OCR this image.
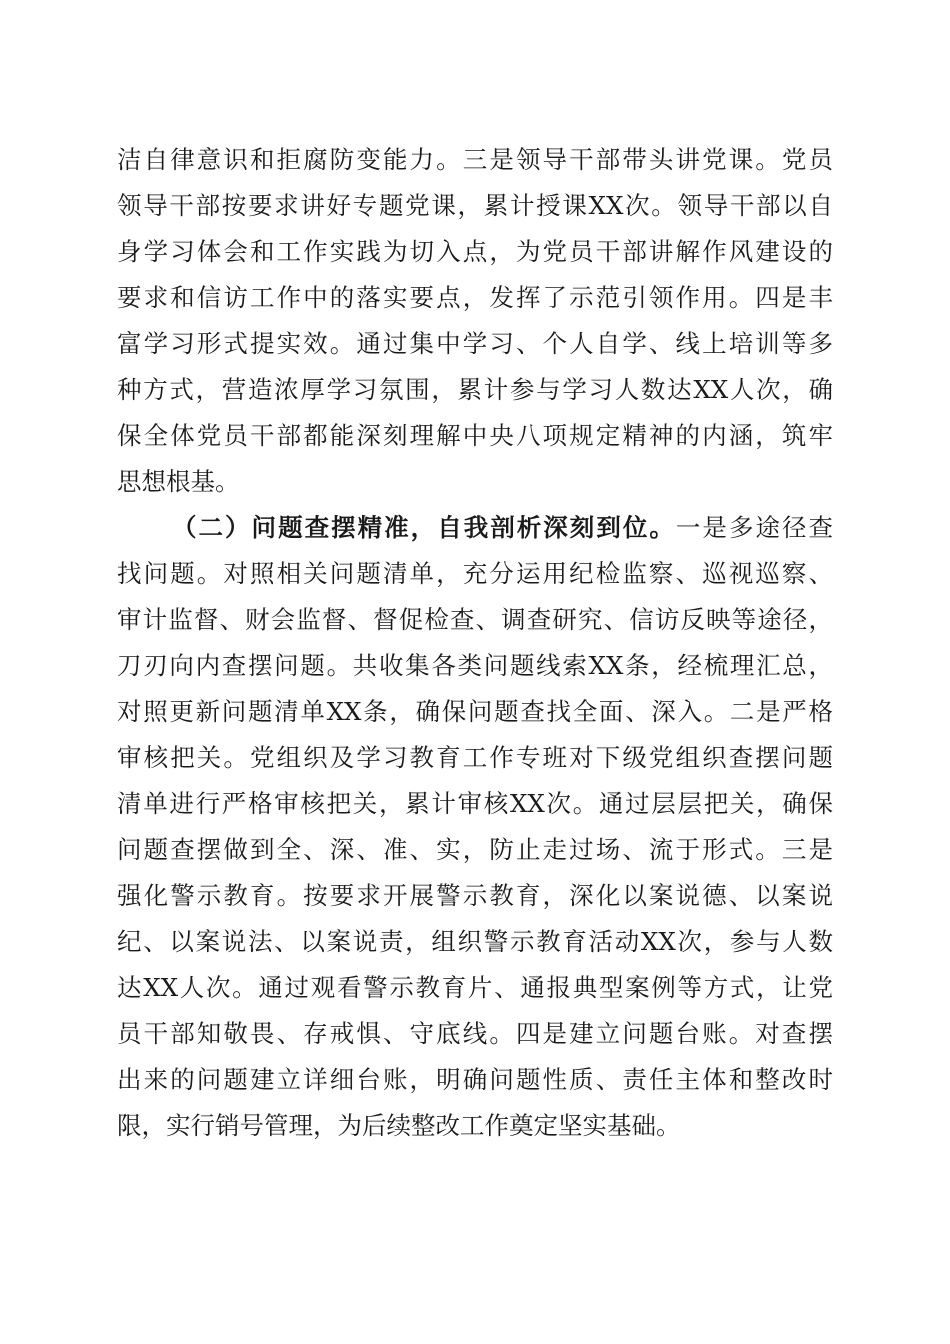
洁自律意识和拒腐防变能力。三是领导干部带头讲党课。党员
领导干部按要求讲好专题党课，累计授课XX次。领导干部以自
身学习体会和工作实践为切入点，为党员干部讲解作风建设的
要求和信访工作中的落实要点，发挥了示范引领作用。四是丰
富学习形式提实效。通过集中学习、个人自学、线上培训等多
种方式，营造浓厚学习氛围，累计参与学习人数达XX人次，确
保全体党员干部都能深刻理解中央八项规定精神的内涵，筑牢
思想根基。
（二）问题查摆精准，自我剖析深刻到位。一是多途径查
找问题。对照相关问题清单，充分运用纪检监察、巡视巡察、
审计监督、财会监督、督促检查、调查研究、信访反映等途径，
刀刃向内查摆问题。共收集各类问题线索XX条，经梳理汇总，
对照更新问题清单XX条，确保问题查找全面、深入。二是严格
审核把关。党组织及学习教育工作专班对下级党组织查摆问题
清单进行严格审核把关，累计审核XX次。通过层层把关，确保
问题查摆做到全、深、准、实，防止走过场、流于形式。三是
强化警示教育。按要求开展警示教育，深化以案说德、以案说
纪、以案说法、以案说责，组织警示教育活动XX次，参与人数
达XX人次。通过观看警示教育片、通报典型案例等方式，让党
员干部知敬畏、存戒惧、守底线。四是建立问题台账。对查摆
出来的问题建立详细台账，明确问题性质、责任主体和整改时
限，实行销号管理，为后续整改工作奠定坚实基础。
